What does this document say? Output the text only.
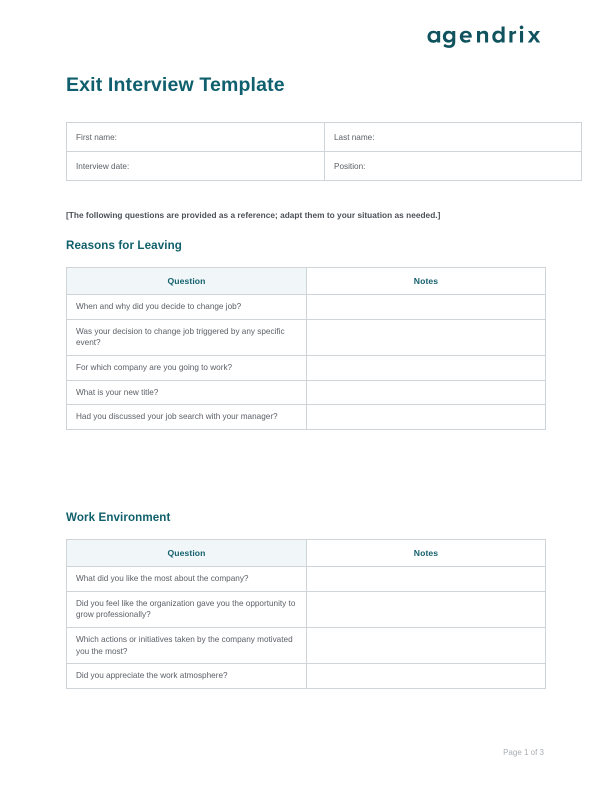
Exit Interview Template
First name:	Last name:
Interview date:	Position:

[The following questions are provided as a reference; adapt them to your situation as needed.]

Reasons for Leaving
Question	Notes
When and why did you decide to change job?	
Was your decision to change job triggered by any specific event?	
For which company are you going to work?	
What is your new title?	
Had you discussed your job search with your manager?	
Work Environment
Question	Notes
What did you like the most about the company?	
Did you feel like the organization gave you the opportunity to grow professionally?	
Which actions or initiatives taken by the company motivated you the most?	
Did you appreciate the work atmosphere?	
Page 1 of 3
